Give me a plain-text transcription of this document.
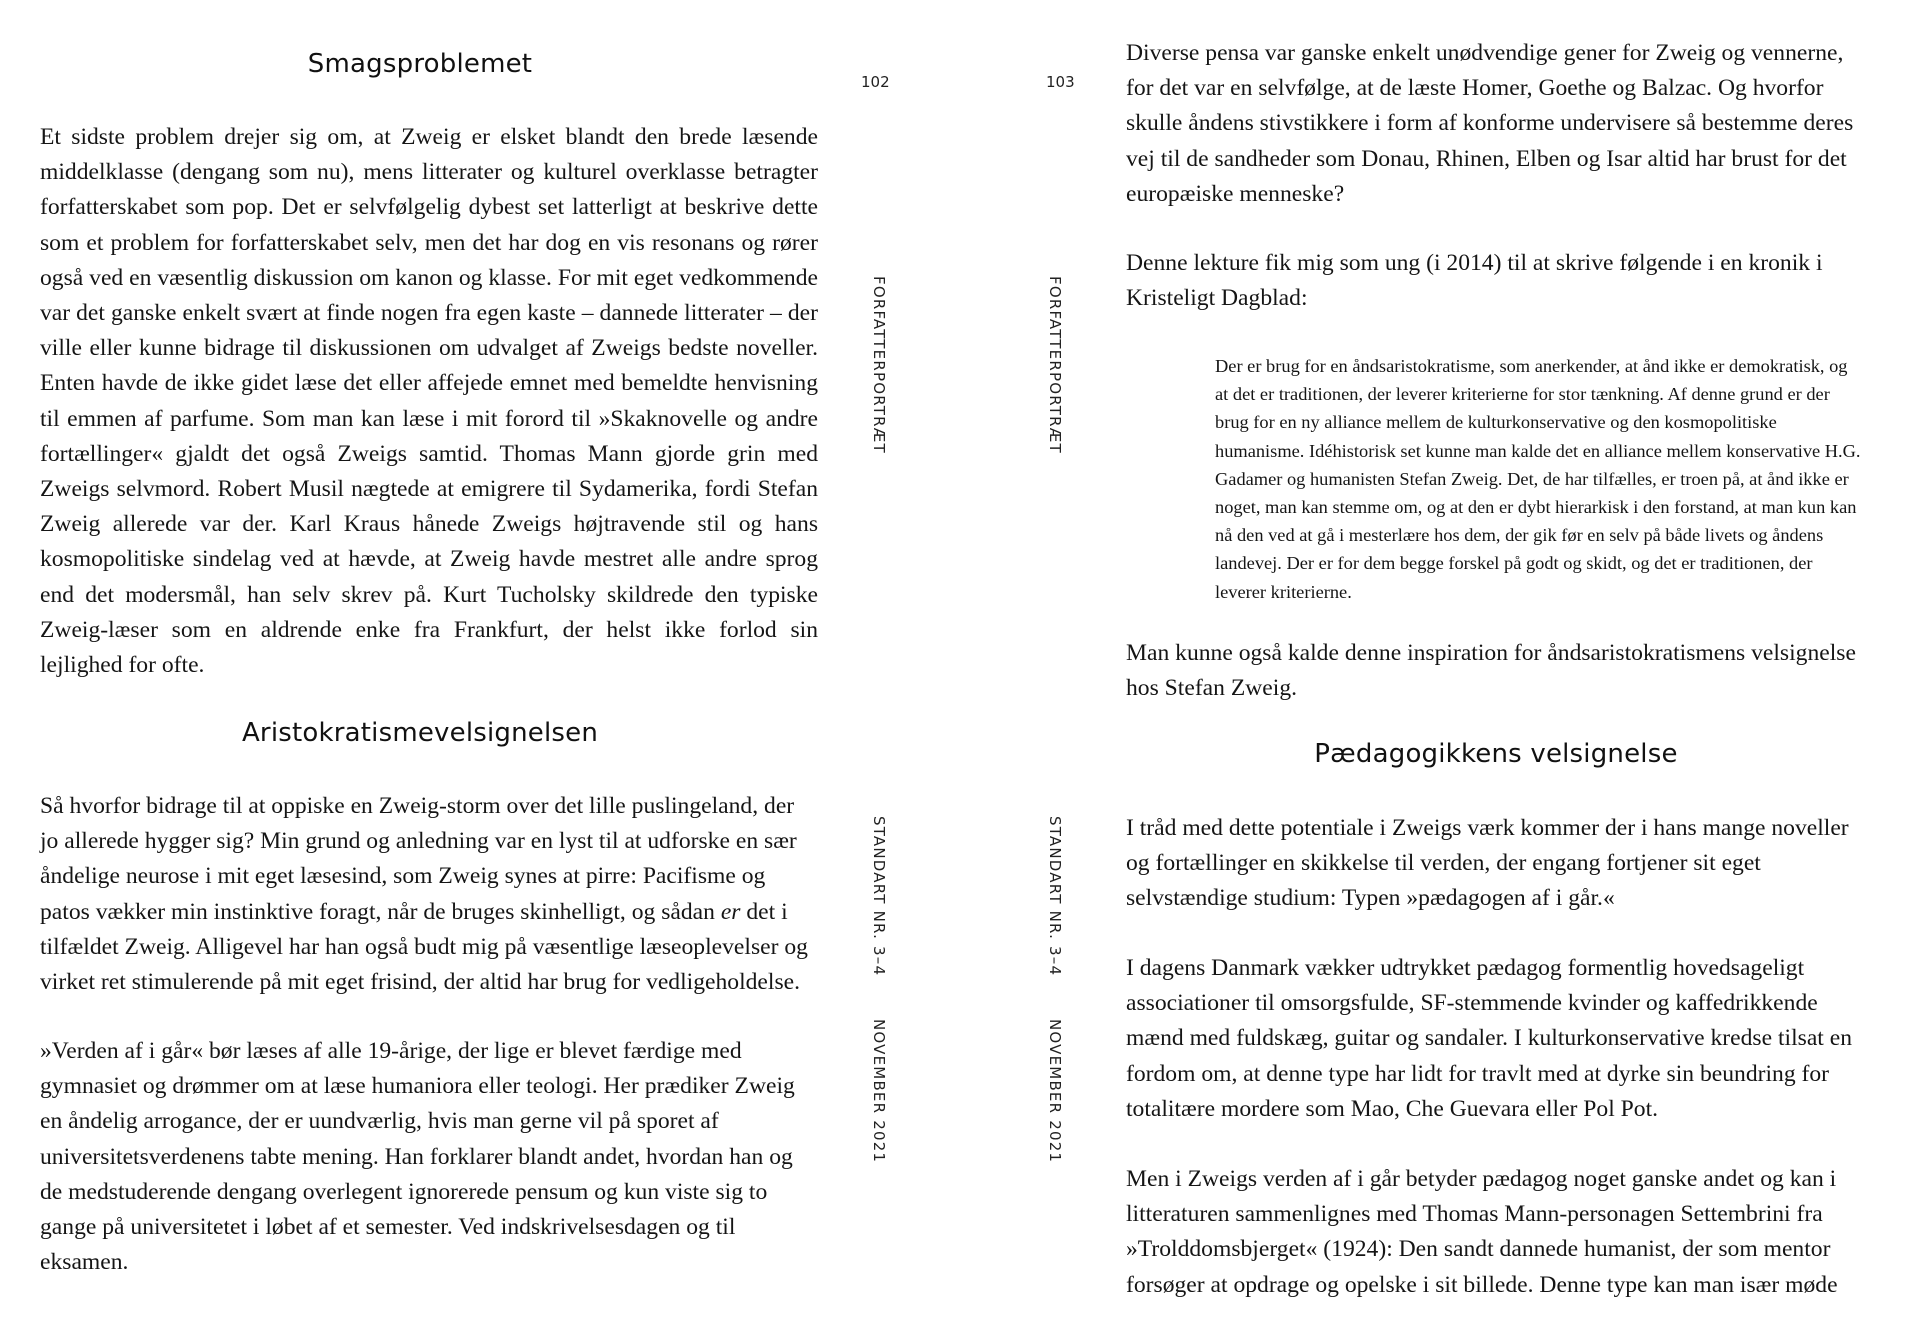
Smagsproblemet

Et sidste problem drejer sig om, at Zweig er elsket blandt den brede læsende middelklasse (dengang som nu), mens litterater og kulturel overklasse betragter forfatterskabet som pop. Det er selvfølgelig dybest set latterligt at beskrive dette som et problem for forfatterskabet selv, men det har dog en vis resonans og rører også ved en væsentlig diskussion om kanon og klasse. For mit eget vedkommende var det ganske enkelt svært at finde nogen fra egen kaste – dannede litterater – der ville eller kunne bidrage til diskussionen om udvalget af Zweigs bedste noveller. Enten havde de ikke gidet læse det eller affejede emnet med bemeldte henvisning til emmen af parfume. Som man kan læse i mit forord til »Skaknovelle og andre fortællinger« gjaldt det også Zweigs samtid. Thomas Mann gjorde grin med Zweigs selvmord. Robert Musil nægtede at emigrere til Sydamerika, fordi Stefan Zweig allerede var der. Karl Kraus hånede Zweigs højtravende stil og hans kosmopolitiske sindelag ved at hævde, at Zweig havde mestret alle andre sprog end det modersmål, han selv skrev på. Kurt Tucholsky skildrede den typiske Zweig-læser som en aldrende enke fra Frankfurt, der helst ikke forlod sin lejlighed for ofte.

Aristokratismevelsignelsen

Så hvorfor bidrage til at oppiske en Zweig-storm over det lille puslingeland, der jo allerede hygger sig? Min grund og anledning var en lyst til at udforske en sær åndelige neurose i mit eget læsesind, som Zweig synes at pirre: Pacifisme og patos vækker min instinktive foragt, når de bruges skinhelligt, og sådan er det i tilfældet Zweig. Alligevel har han også budt mig på væsentlige læseoplevelser og virket ret stimulerende på mit eget frisind, der altid har brug for vedligeholdelse.

»Verden af i går« bør læses af alle 19-årige, der lige er blevet færdige med gymnasiet og drømmer om at læse humaniora eller teologi. Her prædiker Zweig en åndelig arrogance, der er uundværlig, hvis man gerne vil på sporet af universitetsverdenens tabte mening. Han forklarer blandt andet, hvordan han og de medstuderende dengang overlegent ignorerede pensum og kun viste sig to gange på universitetet i løbet af et semester. Ved indskrivelsesdagen og til eksamen.

102
FORFATTERPORTRÆT
STANDART NR. 3–4
NOVEMBER 2021
103
FORFATTERPORTRÆT
STANDART NR. 3–4
NOVEMBER 2021

Diverse pensa var ganske enkelt unødvendige gener for Zweig og vennerne, for det var en selvfølge, at de læste Homer, Goethe og Balzac. Og hvorfor skulle åndens stivstikkere i form af konforme undervisere så bestemme deres vej til de sandheder som Donau, Rhinen, Elben og Isar altid har brust for det europæiske menneske?

Denne lekture fik mig som ung (i 2014) til at skrive følgende i en kronik i Kristeligt Dagblad:

Der er brug for en åndsaristokratisme, som anerkender, at ånd ikke er demokratisk, og at det er traditionen, der leverer kriterierne for stor tænkning. Af denne grund er der brug for en ny alliance mellem de kulturkonservative og den kosmopolitiske humanisme. Idéhistorisk set kunne man kalde det en alliance mellem konservative H.G. Gadamer og humanisten Stefan Zweig. Det, de har tilfælles, er troen på, at ånd ikke er noget, man kan stemme om, og at den er dybt hierarkisk i den forstand, at man kun kan nå den ved at gå i mesterlære hos dem, der gik før en selv på både livets og åndens landevej. Der er for dem begge forskel på godt og skidt, og det er traditionen, der leverer kriterierne.

Man kunne også kalde denne inspiration for åndsaristokratismens velsignelse hos Stefan Zweig.

Pædagogikkens velsignelse

I tråd med dette potentiale i Zweigs værk kommer der i hans mange noveller og fortællinger en skikkelse til verden, der engang fortjener sit eget selvstændige studium: Typen »pædagogen af i går.«

I dagens Danmark vækker udtrykket pædagog formentlig hovedsageligt associationer til omsorgsfulde, SF-stemmende kvinder og kaffedrikkende mænd med fuldskæg, guitar og sandaler. I kulturkonservative kredse tilsat en fordom om, at denne type har lidt for travlt med at dyrke sin beundring for totalitære mordere som Mao, Che Guevara eller Pol Pot.

Men i Zweigs verden af i går betyder pædagog noget ganske andet og kan i litteraturen sammenlignes med Thomas Mann-personagen Settembrini fra »Trolddomsbjerget« (1924): Den sandt dannede humanist, der som mentor forsøger at opdrage og opelske i sit billede. Denne type kan man især møde
